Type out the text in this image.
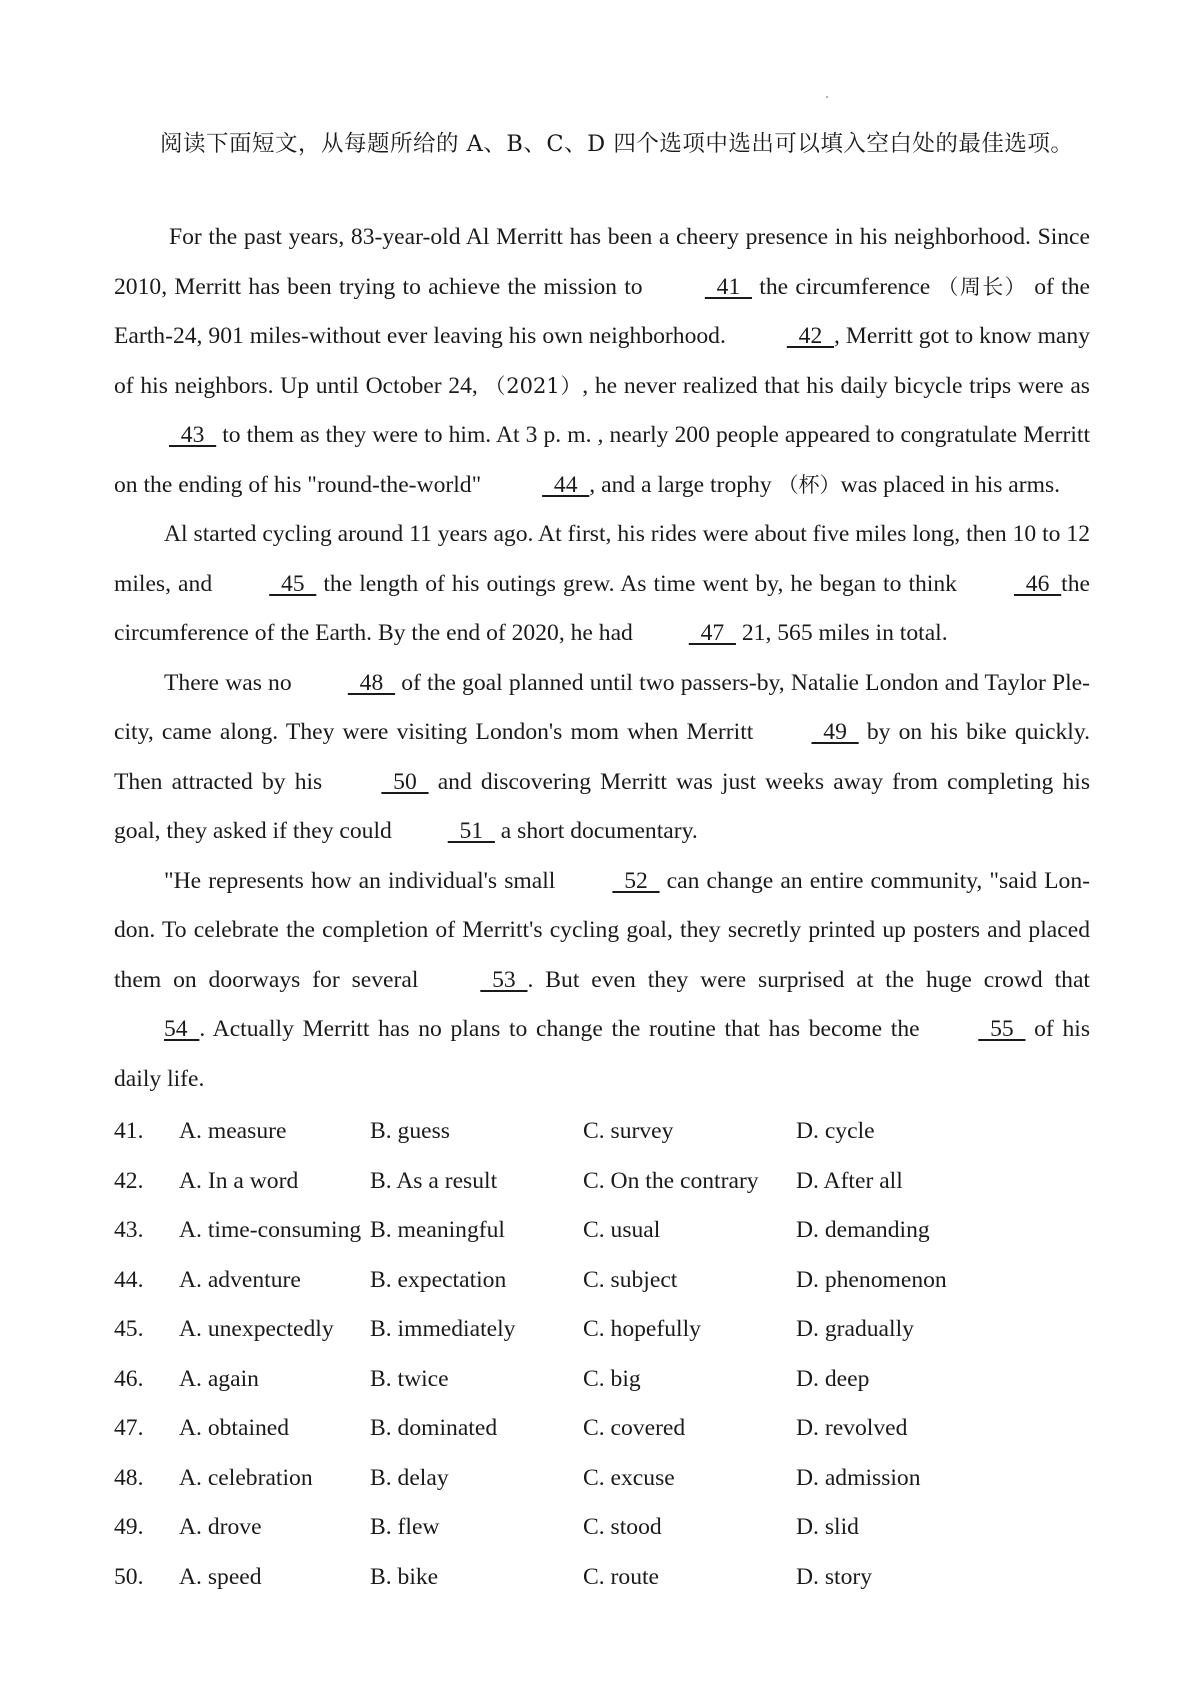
阅读下面短文，从每题所给的 A、B、C、D 四个选项中选出可以填入空白处的最佳选项。

For the past years, 83-year-old Al Merritt has been a cheery presence in his neighborhood. Since 2010, Merritt has been trying to achieve the mission to   41   the circumference （周长） of the Earth-24, 901 miles-without ever leaving his own neighborhood.   42  , Merritt got to know many of his neighbors. Up until October 24, （2021）, he never realized that his daily bicycle trips were as   43   to them as they were to him. At 3 p. m. , nearly 200 people appeared to congratulate Merritt on the ending of his "round-the-world"   44  , and a large trophy （杯）was placed in his arms.

Al started cycling around 11 years ago. At first, his rides were about five miles long, then 10 to 12 miles, and   45   the length of his outings grew. As time went by, he began to think   46  the circumference of the Earth. By the end of 2020, he had   47   21, 565 miles in total.

There was no   48   of the goal planned until two passers-by, Natalie London and Taylor Ple-city, came along. They were visiting London's mom when Merritt   49   by on his bike quickly. Then attracted by his   50   and discovering Merritt was just weeks away from completing his goal, they asked if they could   51   a short documentary.

"He represents how an individual's small   52   can change an entire community, "said Lon-don. To celebrate the completion of Merritt's cycling goal, they secretly printed up posters and placed them on doorways for several   53  . But even they were surprised at the huge crowd that 54  . Actually Merritt has no plans to change the routine that has become the   55   of his daily life.

41. A. measure	B. guess	C. survey	D. cycle
42. A. In a word	B. As a result	C. On the contrary D. After all
43. A. time-consuming B. meaningful	C. usual	D. demanding
44. A. adventure	B. expectation	C. subject	D. phenomenon
45. A. unexpectedly B. immediately	C. hopefully	D. gradually
46. A. again	B. twice	C. big	D. deep
47. A. obtained	B. dominated	C. covered	D. revolved
48. A. celebration B. delay	C. excuse	D. admission
49. A. drove	B. flew	C. stood	D. slid
50. A. speed	B. bike	C. route	D. story
